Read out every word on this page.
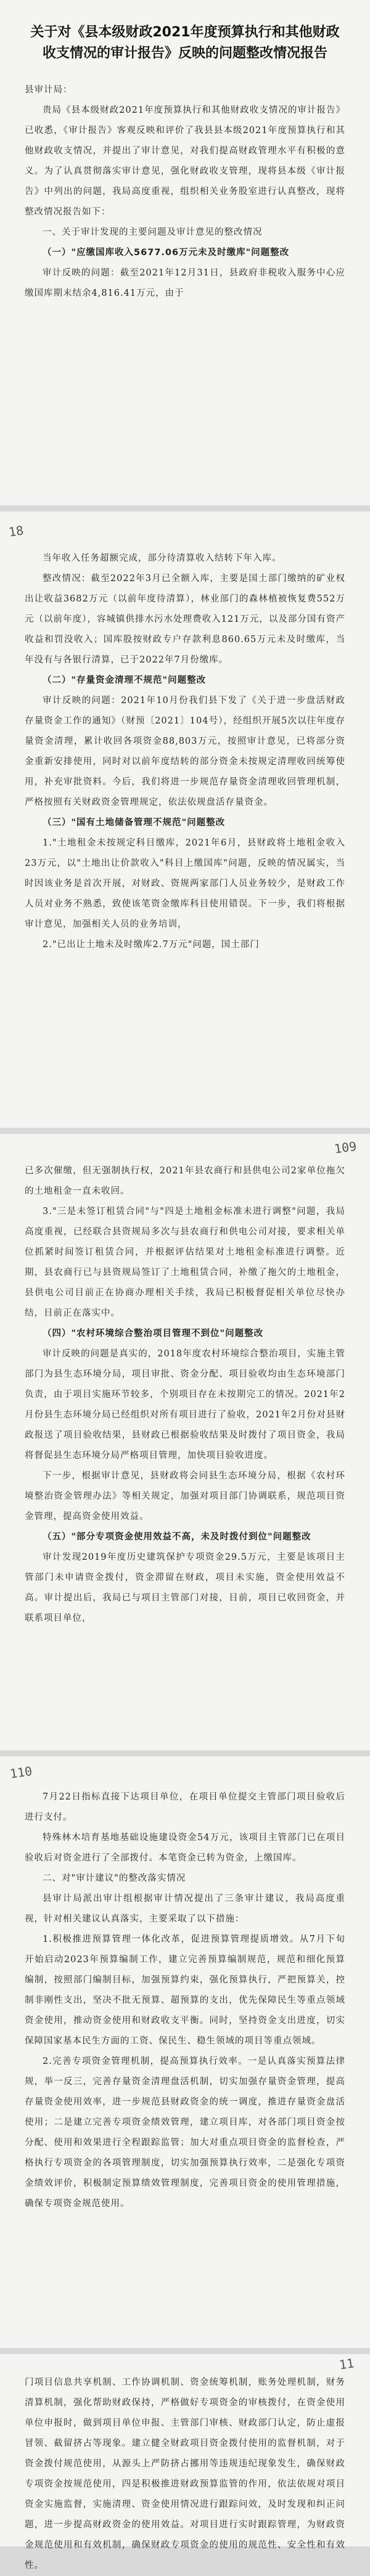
关于对《县本级财政2021年度预算执行和其他财政收支情况的审计报告》反映的问题整改情况报告

县审计局：

贵局《县本级财政2021年度预算执行和其他财政收支情况的审计报告》已收悉，《审计报告》客观反映和评价了我县县本级2021年度预算执行和其他财政收支情况，并提出了审计意见，对我们提高财政管理水平有积极的意义。为了认真贯彻落实审计意见，强化财政收支管理，现将县本级《审计报告》中列出的问题，我局高度重视，组织相关业务股室进行认真整改，现将整改情况报告如下：

一、关于审计发现的主要问题及审计意见的整改情况
（一）"应缴国库收入5677.06万元未及时缴库"问题整改

审计反映的问题：截至2021年12月31日，县政府非税收入服务中心应缴国库期末结余4,816.41万元，由于

18

当年收入任务超额完成，部分待清算收入结转下年入库。

整改情况：截至2022年3月已全额入库，主要是国土部门缴纳的矿业权出让收益3682万元（以前年度待清算），林业部门的森林植被恢复费552万元（以前年度），容城镇供排水污水处理费收入121万元，以及部分国有资产收益和罚没收入；国库股按财政专户存款利息860.65万元未及时缴库，当年没有与各银行清算，已于2022年7月份缴库。

（二）"存量资金清理不规范"问题整改

审计反映的问题：2021年10月份我们县下发了《关于进一步盘活财政存量资金工作的通知》（财预〔2021〕104号），经组织开展5次以往年度存量资金清理，累计收回各项资金88,803万元，按照审计意见，已将部分资金重新安排使用，同时对以前年度结转的部分资金未按规定清理收回统筹使用，补充审批资料。今后，我们将进一步规范存量资金清理收回管理机制，严格按照有关财政资金管理规定，依法依规盘活存量资金。

（三）"国有土地储备管理不规范"问题整改

1."土地租金未按规定科目缴库，2021年6月，县财政将土地租金收入23万元，以"土地出让价款收入"科目上缴国库"问题，反映的情况属实，当时因该业务是首次开展，对财政、资规两家部门人员业务较少，是财政工作人员对业务不熟悉，致使该笔资金缴库科目使用错误。下一步，我们将根据审计意见，加强相关人员的业务培训，

2."已出让土地未及时缴库2.7万元"问题，国土部门
109

已多次催缴，但无强制执行权，2021年县农商行和县供电公司2家单位拖欠的土地租金一直未收回。

3."三是未签订租赁合同"与"四是土地租金标准未进行调整"问题，我局高度重视，已经联合县资规局多次与县农商行和供电公司对接，要求相关单位抓紧时间签订租赁合同，并根据评估结果对土地租金标准进行调整。近期，县农商行已与县资规局签订了土地租赁合同，补缴了拖欠的土地租金，县供电公司目前正在协商办理相关手续，我局已积极督促相关单位尽快办结，目前正在落实中。

（四）"农村环境综合整治项目管理不到位"问题整改

审计反映的问题是真实的，2018年度农村环境综合整治项目，实施主管部门为县生态环境分局，项目审批、资金分配、项目验收均由生态环境部门负责，由于项目实施环节较多，个别项目存在未按期完工的情况。2021年2月份县生态环境分局已经组织对所有项目进行了验收，2021年2月份对县财政报送了项目验收结果，县财政已根据验收结果及时拨付了项目资金，我局将督促县生态环境分局严格项目管理，加快项目验收进度。

下一步，根据审计意见，县财政将会同县生态环境分局，根据《农村环境整治资金管理办法》等相关规定，加强对项目部门协调联系，规范项目资金管理，提高资金使用效益。

（五）"部分专项资金使用效益不高，未及时拨付到位"问题整改

审计发现2019年度历史建筑保护专项资金29.5万元，主要是该项目主管部门未申请资金拨付，资金滞留在财政，项目未实施，资金使用效益不高。审计提出后，我局已与项目主管部门对接，目前，项目已收回资金，并联系项目单位，

110

7月22日指标直接下达项目单位，在项目单位提交主管部门项目验收后进行支付。

特殊林木培育基地基础设施建设资金54万元，该项目主管部门已在项目验收后对资金进行了全部拨付。本笔资金已转为资金，上缴国库。

二、对"审计建议"的整改落实情况

县审计局派出审计组根据审计情况提出了三条审计建议，我局高度重视，针对相关建议认真落实，主要采取了以下措施：

1.积极推进预算管理一体化改革，促进预算管理提质增效。从7月下旬开始启动2023年预算编制工作，建立完善预算编制规范，规范和细化预算编制，按照部门编制目标，加强预算约束，强化预算执行，严把预算关，控制非刚性支出，坚决不批无预算、超预算的支出，优先保障民生等重点领域资金使用，推动资金使用和财政收支平衡。同时，坚持资金支出进度，切实保障国家基本民生方面的工资、保民生、稳生领域的项目等重点领域。

2.完善专项资金管理机制，提高预算执行效率。一是认真落实预算法律规，举一反三，完善存量资金清理盘活机制，切实加强存量资金管理，提高存量资金使用效率，进一步规范县财政资金的统一调度，推进存量资金盘活使用；二是建立完善专项资金绩效管理，建立项目库，对各部门项目资金按分配、使用和效果进行全程跟踪监管；加大对重点项目资金的监督检查，严格执行专项资金的各项管理制度，切实加强预算执行效率，二是强化专项资金绩效评价，积极制定预算绩效管理制度，完善项目资金的使用管理措施，确保专项资金规范使用。

11

门项目信息共享机制、工作协调机制、资金统筹机制，账务处理机制，财务清算机制，强化帮助财政保持，严格做好专项资金的审核拨付，在资金使用单位申报时，做到项目单位申报、主管部门审核、财政部门认定，防止虚报冒领、截留挤占等现象。建立健全财政项目资金拨付使用的监督机制，对于资金拨付规范使用，从源头上严防挤占挪用等违规违纪现象发生，确保财政专项资金按规范使用，四是积极推进财政预算监管的作用，依法依规对项目资金实施监督，实施清理、资金使用情况进行跟踪问效，及时发现和纠正问题，进一步提高财政资金的使用效益。对项目进行实时跟踪管理，为财政资金规范使用和有效机制，确保财政专项资金的使用的规范性、安全性和有效性。
